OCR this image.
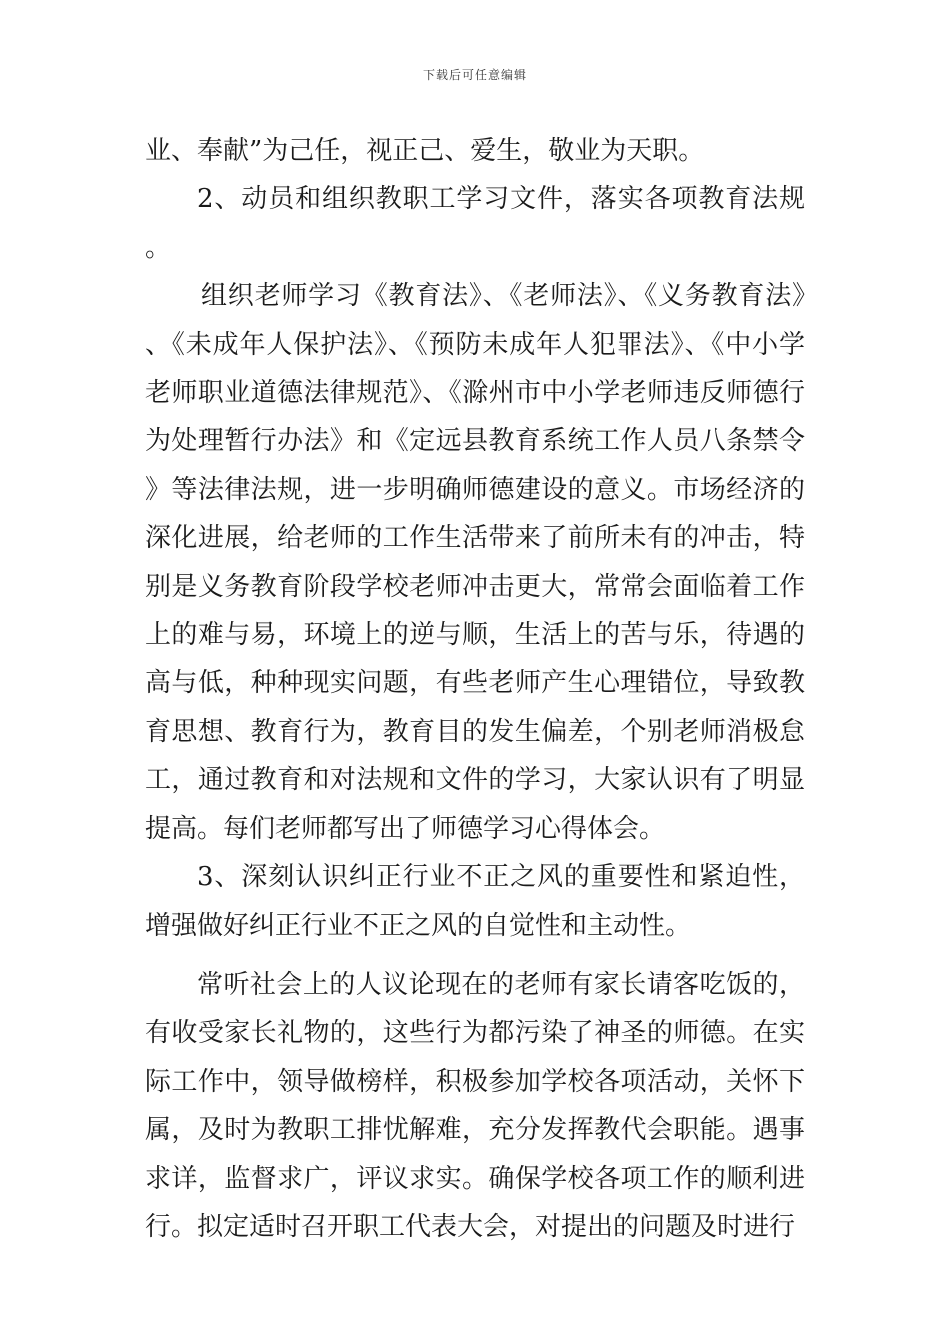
下载后可任意编辑

业、奉献”为己任，视正己、爱生，敬业为天职。

2、动员和组织教职工学习文件，落实各项教育法规。

组织老师学习《教育法》、《老师法》、《义务教育法》、《未成年人保护法》、《预防未成年人犯罪法》、《中小学老师职业道德法律规范》、《滁州市中小学老师违反师德行为处理暂行办法》和《定远县教育系统工作人员八条禁令》等法律法规，进一步明确师德建设的意义。市场经济的深化进展，给老师的工作生活带来了前所未有的冲击，特别是义务教育阶段学校老师冲击更大，常常会面临着工作上的难与易，环境上的逆与顺，生活上的苦与乐，待遇的高与低，种种现实问题，有些老师产生心理错位，导致教育思想、教育行为，教育目的发生偏差，个别老师消极怠工，通过教育和对法规和文件的学习，大家认识有了明显提高。每们老师都写出了师德学习心得体会。

3、深刻认识纠正行业不正之风的重要性和紧迫性，增强做好纠正行业不正之风的自觉性和主动性。

常听社会上的人议论现在的老师有家长请客吃饭的，有收受家长礼物的，这些行为都污染了神圣的师德。在实际工作中，领导做榜样，积极参加学校各项活动，关怀下属，及时为教职工排忧解难，充分发挥教代会职能。遇事求详，监督求广，评议求实。确保学校各项工作的顺利进行。拟定适时召开职工代表大会，对提出的问题及时进行
